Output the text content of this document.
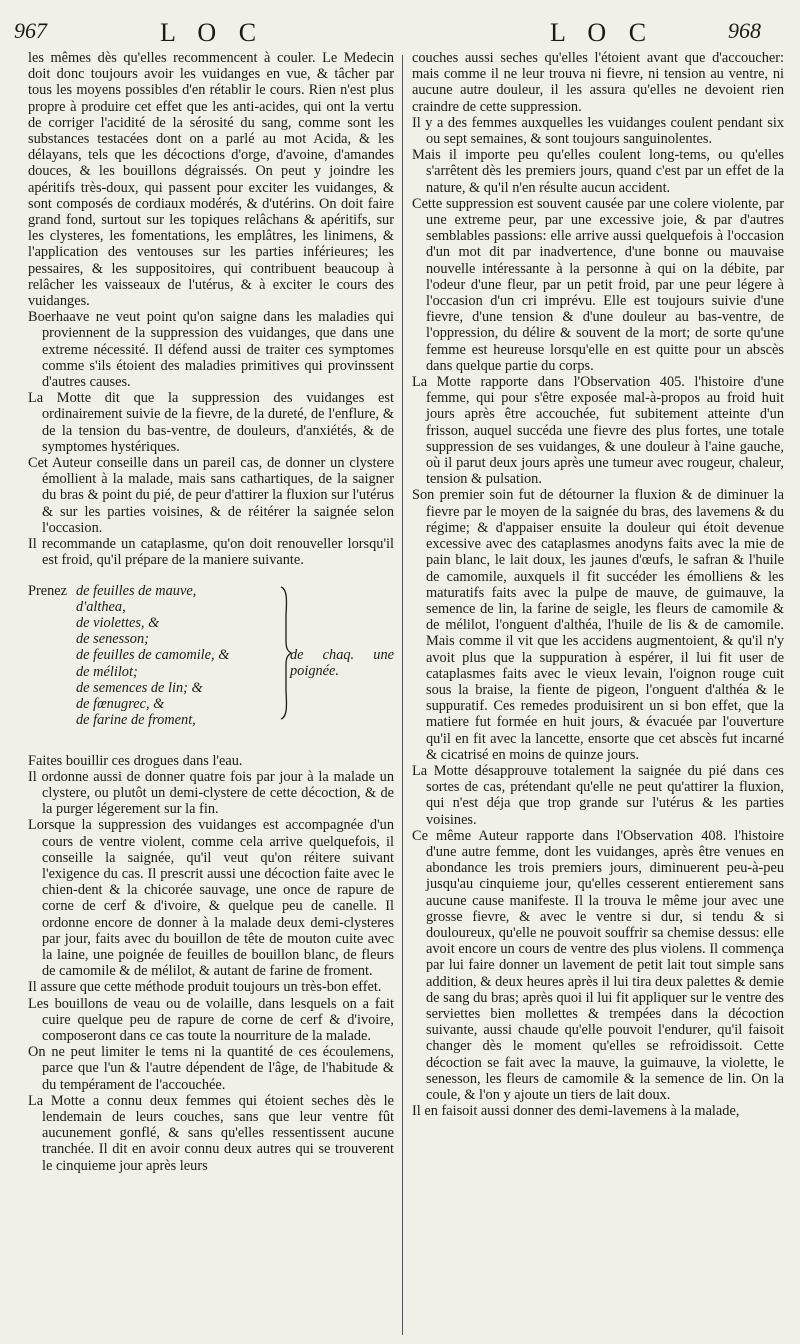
967	L O C	L O C	968

les mêmes dès qu'elles recommencent à couler. Le Medecin doit donc toujours avoir les vuidanges en vue, & tâcher par tous les moyens possibles d'en rétablir le cours. Rien n'est plus propre à produire cet effet que les anti-acides, qui ont la vertu de corriger l'acidité de la sérosité du sang, comme sont les substances testacées dont on a parlé au mot Acida, & les délayans, tels que les décoctions d'orge, d'avoine, d'amandes douces, & les bouillons dégraissés. On peut y joindre les apéritifs très-doux, qui passent pour exciter les vuidanges, & sont composés de cordiaux modérés, & d'utérins. On doit faire grand fond, surtout sur les topiques relâchans & apéritifs, sur les clysteres, les fomentations, les emplâtres, les linimens, & l'application des ventouses sur les parties inférieures; les pessaires, & les suppositoires, qui contribuent beaucoup à relâcher les vaisseaux de l'utérus, & à exciter le cours des vuidanges.

Boerhaave ne veut point qu'on saigne dans les maladies qui proviennent de la suppression des vuidanges, que dans une extreme nécessité. Il défend aussi de traiter ces symptomes comme s'ils étoient des maladies primitives qui provinssent d'autres causes.

La Motte dit que la suppression des vuidanges est ordinairement suivie de la fievre, de la dureté, de l'enflure, & de la tension du bas-ventre, de douleurs, d'anxiétés, & de symptomes hystériques.

Cet Auteur conseille dans un pareil cas, de donner un clystere émollient à la malade, mais sans cathartiques, de la saigner du bras & point du pié, de peur d'attirer la fluxion sur l'utérus & sur les parties voisines, & de réitérer la saignée selon l'occasion.

Il recommande un cataplasme, qu'on doit renouveller lorsqu'il est froid, qu'il prépare de la maniere suivante.

Prenez de feuilles de mauve,
d'althea,
de violettes, &
de senesson;
de feuilles de camomile, &
de mélilot;
de semences de lin; &
de fœnugrec, &
de farine de froment,
de chaq. une poignée.

Faites bouillir ces drogues dans l'eau.

Il ordonne aussi de donner quatre fois par jour à la malade un clystere, ou plutôt un demi-clystere de cette décoction, & de la purger légerement sur la fin.

Lorsque la suppression des vuidanges est accompagnée d'un cours de ventre violent, comme cela arrive quelquefois, il conseille la saignée, qu'il veut qu'on réitere suivant l'exigence du cas. Il prescrit aussi une décoction faite avec le chien-dent & la chicorée sauvage, une once de rapure de corne de cerf & d'ivoire, & quelque peu de canelle. Il ordonne encore de donner à la malade deux demi-clysteres par jour, faits avec du bouillon de tête de mouton cuite avec la laine, une poignée de feuilles de bouillon blanc, de fleurs de camomile & de mélilot, & autant de farine de froment.

Il assure que cette méthode produit toujours un très-bon effet.

Les bouillons de veau ou de volaille, dans lesquels on a fait cuire quelque peu de rapure de corne de cerf & d'ivoire, composeront dans ce cas toute la nourriture de la malade.

On ne peut limiter le tems ni la quantité de ces écoulemens, parce que l'un & l'autre dépendent de l'âge, de l'habitude & du tempérament de l'accouchée.

La Motte a connu deux femmes qui étoient seches dès le lendemain de leurs couches, sans que leur ventre fût aucunement gonflé, & sans qu'elles ressentissent aucune tranchée. Il dit en avoir connu deux autres qui se trouverent le cinquieme jour après leurs

couches aussi seches qu'elles l'étoient avant que d'accoucher: mais comme il ne leur trouva ni fievre, ni tension au ventre, ni aucune autre douleur, il les assura qu'elles ne devoient rien craindre de cette suppression.

Il y a des femmes auxquelles les vuidanges coulent pendant six ou sept semaines, & sont toujours sanguinolentes.

Mais il importe peu qu'elles coulent long-tems, ou qu'elles s'arrêtent dès les premiers jours, quand c'est par un effet de la nature, & qu'il n'en résulte aucun accident.

Cette suppression est souvent causée par une colere violente, par une extreme peur, par une excessive joie, & par d'autres semblables passions: elle arrive aussi quelquefois à l'occasion d'un mot dit par inadvertence, d'une bonne ou mauvaise nouvelle intéressante à la personne à qui on la débite, par l'odeur d'une fleur, par un petit froid, par une peur légere à l'occasion d'un cri imprévu. Elle est toujours suivie d'une fievre, d'une tension & d'une douleur au bas-ventre, de l'oppression, du délire & souvent de la mort; de sorte qu'une femme est heureuse lorsqu'elle en est quitte pour un abscès dans quelque partie du corps.

La Motte rapporte dans l'Observation 405. l'histoire d'une femme, qui pour s'être exposée mal-à-propos au froid huit jours après être accouchée, fut subitement atteinte d'un frisson, auquel succéda une fievre des plus fortes, une totale suppression de ses vuidanges, & une douleur à l'aine gauche, où il parut deux jours après une tumeur avec rougeur, chaleur, tension & pulsation.

Son premier soin fut de détourner la fluxion & de diminuer la fievre par le moyen de la saignée du bras, des lavemens & du régime; & d'appaiser ensuite la douleur qui étoit devenue excessive avec des cataplasmes anodyns faits avec la mie de pain blanc, le lait doux, les jaunes d'œufs, le safran & l'huile de camomile, auxquels il fit succéder les émolliens & les maturatifs faits avec la pulpe de mauve, de guimauve, la semence de lin, la farine de seigle, les fleurs de camomile & de mélilot, l'onguent d'althéa, l'huile de lis & de camomile. Mais comme il vit que les accidens augmentoient, & qu'il n'y avoit plus que la suppuration à espérer, il lui fit user de cataplasmes faits avec le vieux levain, l'oignon rouge cuit sous la braise, la fiente de pigeon, l'onguent d'althéa & le suppuratif. Ces remedes produisirent un si bon effet, que la matiere fut formée en huit jours, & évacuée par l'ouverture qu'il en fit avec la lancette, ensorte que cet abscès fut incarné & cicatrisé en moins de quinze jours.

La Motte désapprouve totalement la saignée du pié dans ces sortes de cas, prétendant qu'elle ne peut qu'attirer la fluxion, qui n'est déja que trop grande sur l'utérus & les parties voisines.

Ce même Auteur rapporte dans l'Observation 408. l'histoire d'une autre femme, dont les vuidanges, après être venues en abondance les trois premiers jours, diminuerent peu-à-peu jusqu'au cinquieme jour, qu'elles cesserent entierement sans aucune cause manifeste. Il la trouva le même jour avec une grosse fievre, & avec le ventre si dur, si tendu & si douloureux, qu'elle ne pouvoit souffrir sa chemise dessus: elle avoit encore un cours de ventre des plus violens. Il commença par lui faire donner un lavement de petit lait tout simple sans addition, & deux heures après il lui tira deux palettes & demie de sang du bras; après quoi il lui fit appliquer sur le ventre des serviettes bien mollettes & trempées dans la décoction suivante, aussi chaude qu'elle pouvoit l'endurer, qu'il faisoit changer dès le moment qu'elles se refroidissoit. Cette décoction se fait avec la mauve, la guimauve, la violette, le senesson, les fleurs de camomile & la semence de lin. On la coule, & l'on y ajoute un tiers de lait doux.

Il en faisoit aussi donner des demi-lavemens à la malade,
